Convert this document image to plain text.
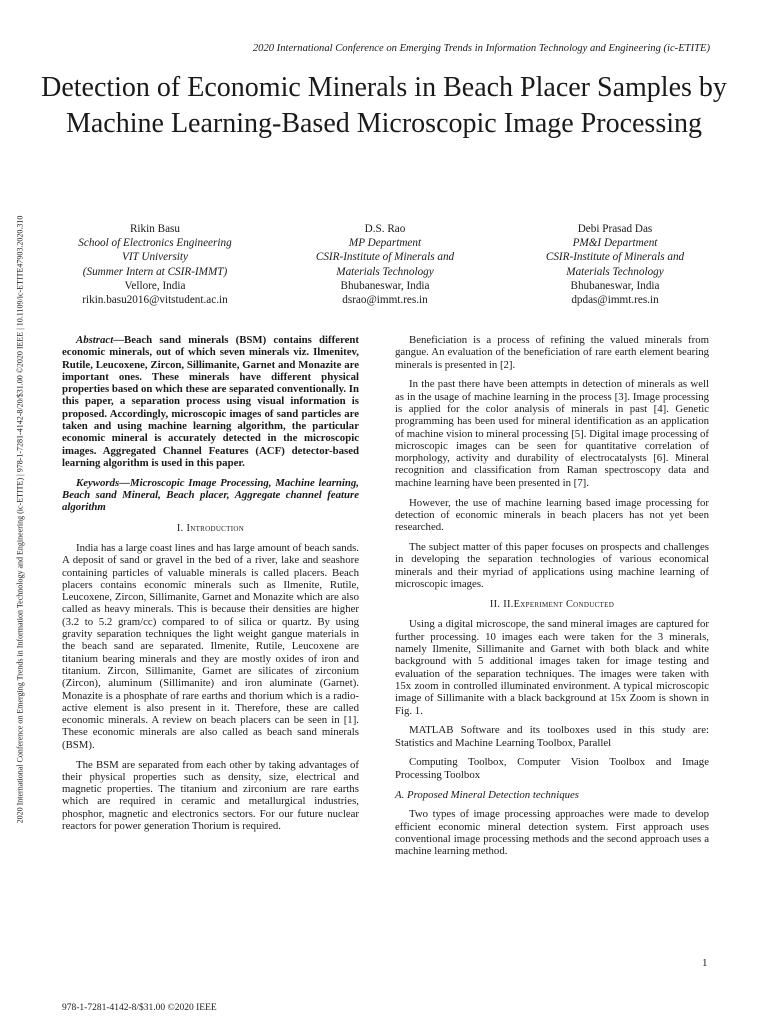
2020 International Conference on Emerging Trends in Information Technology and Engineering (ic-ETITE)
2020 International Conference on Emerging Trends in Information Technology and Engineering (ic-ETITE) | 978-1-7281-4142-8/20/$31.00 ©2020 IEEE | 10.1109/ic-ETITE47903.2020.310
Detection of Economic Minerals in Beach Placer Samples by Machine Learning-Based Microscopic Image Processing
Rikin Basu
School of Electronics Engineering
VIT University
(Summer Intern at CSIR-IMMT)
Vellore, India
rikin.basu2016@vitstudent.ac.in
D.S. Rao
MP Department
CSIR-Institute of Minerals and
Materials Technology
Bhubaneswar, India
dsrao@immt.res.in
Debi Prasad Das
PM&I Department
CSIR-Institute of Minerals and
Materials Technology
Bhubaneswar, India
dpdas@immt.res.in

Abstract—Beach sand minerals (BSM) contains different economic minerals, out of which seven minerals viz. Ilmenitev, Rutile, Leucoxene, Zircon, Sillimanite, Garnet and Monazite are important ones. These minerals have different physical properties based on which these are separated conventionally. In this paper, a separation process using visual information is proposed. Accordingly, microscopic images of sand particles are taken and using machine learning algorithm, the particular economic mineral is accurately detected in the microscopic images. Aggregated Channel Features (ACF) detector-based learning algorithm is used in this paper.

Keywords—Microscopic Image Processing, Machine learning, Beach sand Mineral, Beach placer, Aggregate channel feature algorithm

I. Introduction

India has a large coast lines and has large amount of beach sands. A deposit of sand or gravel in the bed of a river, lake and seashore containing particles of valuable minerals is called placers. Beach placers contains economic minerals such as Ilmenite, Rutile, Leucoxene, Zircon, Sillimanite, Garnet and Monazite which are also called as heavy minerals. This is because their densities are higher (3.2 to 5.2 gram/cc) compared to of silica or quartz. By using gravity separation techniques the light weight gangue materials in the beach sand are separated. Ilmenite, Rutile, Leucoxene are titanium bearing minerals and they are mostly oxides of iron and titanium. Zircon, Sillimanite, Garnet are silicates of zirconium (Zircon), aluminum (Sillimanite) and iron aluminate (Garnet). Monazite is a phosphate of rare earths and thorium which is a radio-active element is also present in it. Therefore, these are called economic minerals. A review on beach placers can be seen in [1]. These economic minerals are also called as beach sand minerals (BSM).

The BSM are separated from each other by taking advantages of their physical properties such as density, size, electrical and magnetic properties. The titanium and zirconium are rare earths which are required in ceramic and metallurgical industries, phosphor, magnetic and electronics sectors. For our future nuclear reactors for power generation Thorium is required.

Beneficiation is a process of refining the valued minerals from gangue. An evaluation of the beneficiation of rare earth element bearing minerals is presented in [2].

In the past there have been attempts in detection of minerals as well as in the usage of machine learning in the process [3]. Image processing is applied for the color analysis of minerals in past [4]. Genetic programming has been used for mineral identification as an application of machine vision to mineral processing [5]. Digital image processing of microscopic images can be seen for quantitative correlation of morphology, activity and durability of electrocatalysts [6]. Mineral recognition and classification from Raman spectroscopy data and machine learning have been presented in [7].

However, the use of machine learning based image processing for detection of economic minerals in beach placers has not yet been researched.

The subject matter of this paper focuses on prospects and challenges in developing the separation technologies of various economical minerals and their myriad of applications using machine learning of microscopic images.

II. II.Experiment Conducted

Using a digital microscope, the sand mineral images are captured for further processing. 10 images each were taken for the 3 minerals, namely Ilmenite, Sillimanite and Garnet with both black and white background with 5 additional images taken for image testing and evaluation of the separation techniques. The images were taken with 15x zoom in controlled illuminated environment. A typical microscopic image of Sillimanite with a black background at 15x Zoom is shown in Fig. 1.

MATLAB Software and its toolboxes used in this study are: Statistics and Machine Learning Toolbox, Parallel

Computing Toolbox, Computer Vision Toolbox and Image Processing Toolbox

A. Proposed Mineral Detection techniques

Two types of image processing approaches were made to develop efficient economic mineral detection system. First approach uses conventional image processing methods and the second approach uses a machine learning method.

1
978-1-7281-4142-8/$31.00 ©2020 IEEE
